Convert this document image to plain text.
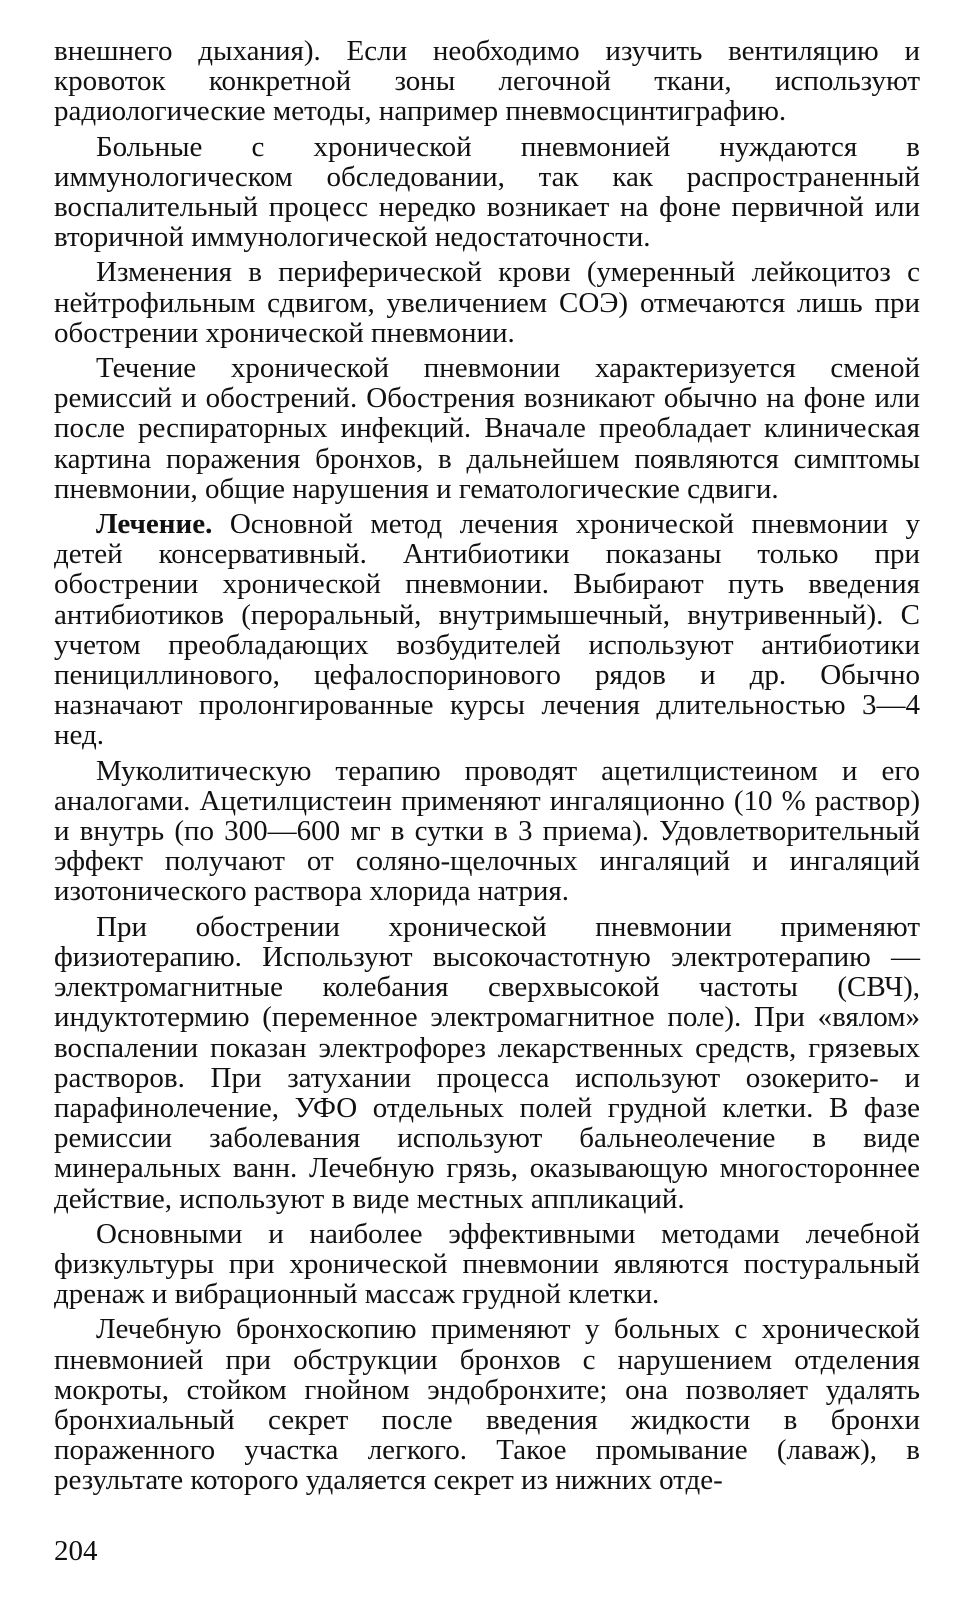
внешнего дыхания). Если необходимо изучить вентиляцию и кровоток конкретной зоны легочной ткани, используют радиологические методы, например пневмосцинтиграфию.

Больные с хронической пневмонией нуждаются в иммунологическом обследовании, так как распространенный воспалительный процесс нередко возникает на фоне первичной или вторичной иммунологической недостаточности.

Изменения в периферической крови (умеренный лейкоцитоз с нейтрофильным сдвигом, увеличением СОЭ) отмечаются лишь при обострении хронической пневмонии.

Течение хронической пневмонии характеризуется сменой ремиссий и обострений. Обострения возникают обычно на фоне или после респираторных инфекций. Вначале преобладает клиническая картина поражения бронхов, в дальнейшем появляются симптомы пневмонии, общие нарушения и гематологические сдвиги.

Лечение. Основной метод лечения хронической пневмонии у детей консервативный. Антибиотики показаны только при обострении хронической пневмонии. Выбирают путь введения антибиотиков (пероральный, внутримышечный, внутривенный). С учетом преобладающих возбудителей используют антибиотики пенициллинового, цефалоспоринового рядов и др. Обычно назначают пролонгированные курсы лечения длительностью 3—4 нед.

Муколитическую терапию проводят ацетилцистеином и его аналогами. Ацетилцистеин применяют ингаляционно (10 % раствор) и внутрь (по 300—600 мг в сутки в 3 приема). Удовлетворительный эффект получают от соляно-щелочных ингаляций и ингаляций изотонического раствора хлорида натрия.

При обострении хронической пневмонии применяют физиотерапию. Используют высокочастотную электротерапию — электромагнитные колебания сверхвысокой частоты (СВЧ), индуктотермию (переменное электромагнитное поле). При «вялом» воспалении показан электрофорез лекарственных средств, грязевых растворов. При затухании процесса используют озокерито- и парафинолечение, УФО отдельных полей грудной клетки. В фазе ремиссии заболевания используют бальнеолечение в виде минеральных ванн. Лечебную грязь, оказывающую многостороннее действие, используют в виде местных аппликаций.

Основными и наиболее эффективными методами лечебной физкультуры при хронической пневмонии являются постуральный дренаж и вибрационный массаж грудной клетки.

Лечебную бронхоскопию применяют у больных с хронической пневмонией при обструкции бронхов с нарушением отделения мокроты, стойком гнойном эндобронхите; она позволяет удалять бронхиальный секрет после введения жидкости в бронхи пораженного участка легкого. Такое промывание (лаваж), в результате которого удаляется секрет из нижних отде-

204
